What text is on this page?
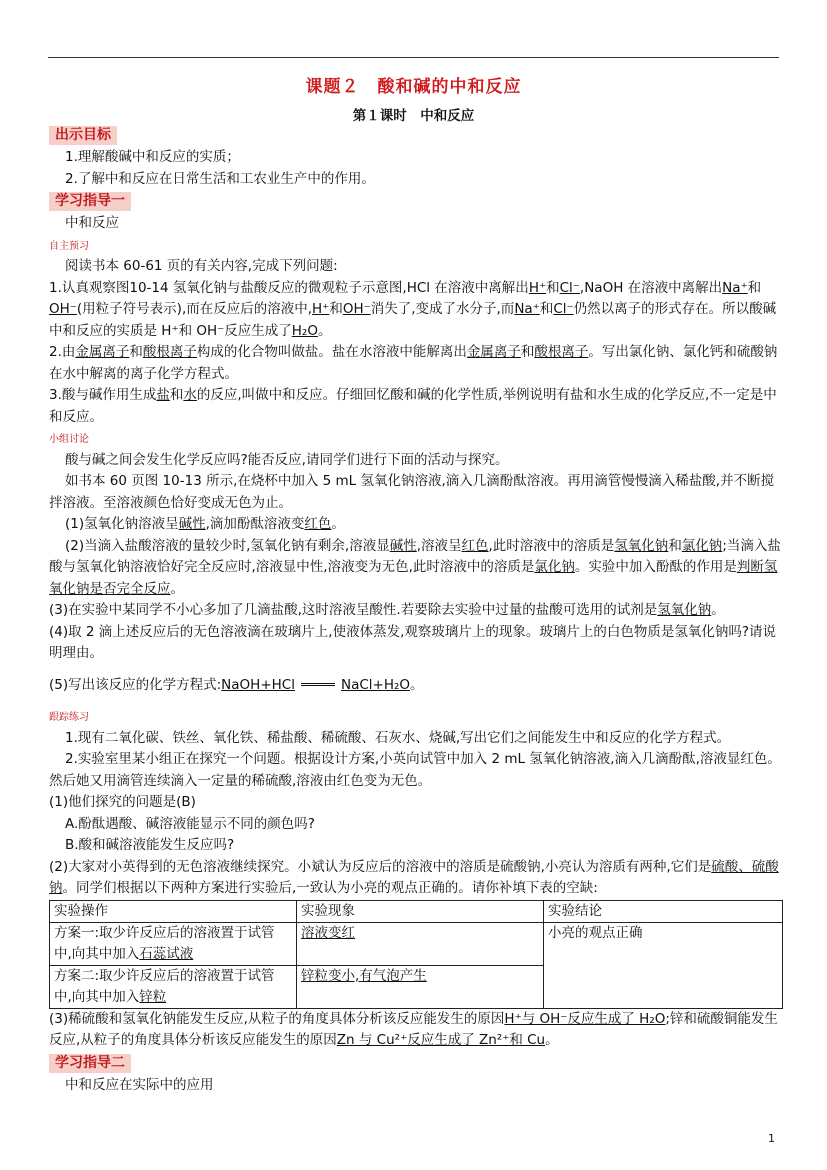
课题２　酸和碱的中和反应
第１课时　中和反应
出示目标

1.理解酸碱中和反应的实质；

2.了解中和反应在日常生活和工农业生产中的作用。

学习指导一

中和反应

自主预习

阅读书本 60-61 页的有关内容,完成下列问题:

1.认真观察图10-14 氢氧化钠与盐酸反应的微观粒子示意图,HCl 在溶液中离解出H⁺和Cl⁻,NaOH 在溶液中离解出Na⁺和OH⁻(用粒子符号表示),而在反应后的溶液中,H⁺和OH⁻消失了,变成了水分子,而Na⁺和Cl⁻仍然以离子的形式存在。所以酸碱中和反应的实质是 H⁺和 OH⁻反应生成了H₂O。

2.由金属离子和酸根离子构成的化合物叫做盐。盐在水溶液中能解离出金属离子和酸根离子。写出氯化钠、氯化钙和硫酸钠在水中解离的离子化学方程式。

3.酸与碱作用生成盐和水的反应,叫做中和反应。仔细回忆酸和碱的化学性质,举例说明有盐和水生成的化学反应,不一定是中和反应。

小组讨论

酸与碱之间会发生化学反应吗?能否反应,请同学们进行下面的活动与探究。

如书本 60 页图 10-13 所示,在烧杯中加入 5 mL 氢氧化钠溶液,滴入几滴酚酞溶液。再用滴管慢慢滴入稀盐酸,并不断搅拌溶液。至溶液颜色恰好变成无色为止。

(1)氢氧化钠溶液呈碱性,滴加酚酞溶液变红色。

(2)当滴入盐酸溶液的量较少时,氢氧化钠有剩余,溶液显碱性,溶液呈红色,此时溶液中的溶质是氢氧化钠和氯化钠;当滴入盐酸与氢氧化钠溶液恰好完全反应时,溶液显中性,溶液变为无色,此时溶液中的溶质是氯化钠。实验中加入酚酞的作用是判断氢氧化钠是否完全反应。

(3)在实验中某同学不小心多加了几滴盐酸,这时溶液呈酸性.若要除去实验中过量的盐酸可选用的试剂是氢氧化钠。

(4)取 2 滴上述反应后的无色溶液滴在玻璃片上,使液体蒸发,观察玻璃片上的现象。玻璃片上的白色物质是氢氧化钠吗?请说明理由。

(5)写出该反应的化学方程式:NaOH+HCl	NaCl+H₂O。

跟踪练习

1.现有二氧化碳、铁丝、氧化铁、稀盐酸、稀硫酸、石灰水、烧碱,写出它们之间能发生中和反应的化学方程式。

2.实验室里某小组正在探究一个问题。根据设计方案,小英向试管中加入 2 mL 氢氧化钠溶液,滴入几滴酚酞,溶液显红色。然后她又用滴管连续滴入一定量的稀硫酸,溶液由红色变为无色。

(1)他们探究的问题是(B)

A.酚酞遇酸、碱溶液能显示不同的颜色吗?

B.酸和碱溶液能发生反应吗?

(2)大家对小英得到的无色溶液继续探究。小斌认为反应后的溶液中的溶质是硫酸钠,小亮认为溶质有两种,它们是硫酸、硫酸钠。同学们根据以下两种方案进行实验后,一致认为小亮的观点正确的。请你补填下表的空缺:

实验操作	实验现象	实验结论
方案一:取少许反应后的溶液置于试管中,向其中加入石蕊试液	溶液变红	小亮的观点正确
方案二:取少许反应后的溶液置于试管中,向其中加入锌粒	锌粒变小,有气泡产生	

(3)稀硫酸和氢氧化钠能发生反应,从粒子的角度具体分析该反应能发生的原因H⁺与 OH⁻反应生成了 H₂O;锌和硫酸铜能发生反应,从粒子的角度具体分析该反应能发生的原因Zn 与 Cu²⁺反应生成了 Zn²⁺和 Cu。

学习指导二

中和反应在实际中的应用

1
